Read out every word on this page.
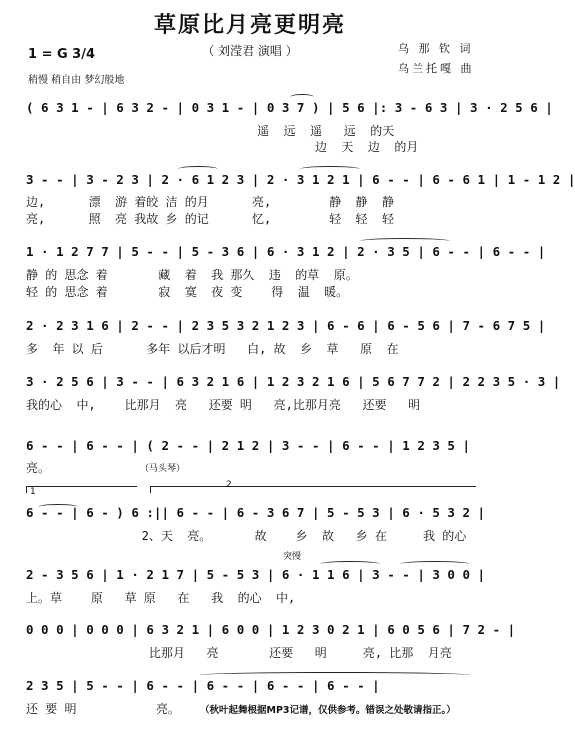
草原比月亮更明亮
（ 刘滢君 演唱 ）	乌 那 钦 词
乌兰托嘎 曲
1 = G 3/4
稍慢 稍自由 梦幻般地
( 6 3 1 - | 6 3 2 - | 0 3 1 - | 0 3 7 ) | 5 6 |: 3 - 6 3 | 3 · 2 5 6 |
遥  远  遥   远  的天
边  天  边  的月
3 - - | 3 - 2 3 | 2 · 6 1 2 3 | 2 · 3 1 2 1 | 6 - - | 6 - 6 1 | 1 - 1 2 |
边,      漂  游 着皎 洁 的月      亮,        静  静  静
亮,      照  亮 我故 乡 的记      忆,        轻  轻  轻
1 · 1 2 7 7 | 5 - - | 5 - 3 6 | 6 · 3 1 2 | 2 · 3 5 | 6 - - | 6 - - |
静 的 思念 着       藏  着  我 那久  违  的草  原。
轻 的 思念 着       寂  寞  夜 变    得  温  暖。
2 · 2 3 1 6 | 2 - - | 2 3 5 3 2 1 2 3 | 6 - 6 | 6 - 5 6 | 7 - 6 7 5 |
多  年 以 后      多年 以后才明   白, 故  乡  草   原  在
3 · 2 5 6 | 3 - - | 6 3 2 1 6 | 1 2 3 2 1 6 | 5 6 7 7 2 | 2 2 3 5 · 3 |
我的心  中,    比那月  亮   还要 明   亮,比那月亮   还要   明
6 - - | 6 - - | ( 2 - - | 2 1 2 | 3 - - | 6 - - | 1 2 3 5 |
亮。	（马头琴）
1
2
6 - - | 6 - ) 6 :|| 6 - - | 6 - 3 6 7 | 5 - 5 3 | 6 · 5 3 2 |
2、天  亮。      故    乡  故   乡 在     我 的心
突慢
2 - 3 5 6 | 1 · 2 1 7 | 5 - 5 3 | 6 · 1 1 6 | 3 - - | 3 0 0 |
上。草    原   草 原   在   我  的心  中,
0 0 0 | 0 0 0 | 6 3 2 1 | 6 0 0 | 1 2 3 0 2 1 | 6 0 5 6 | 7 2 - |
比那月   亮       还要   明     亮, 比那  月亮
2 3 5 | 5 - - | 6 - - | 6 - - | 6 - - | 6 - - |
还 要 明           亮。	（秋叶起舞根据MP3记谱，仅供参考。错误之处敬请指正。）
